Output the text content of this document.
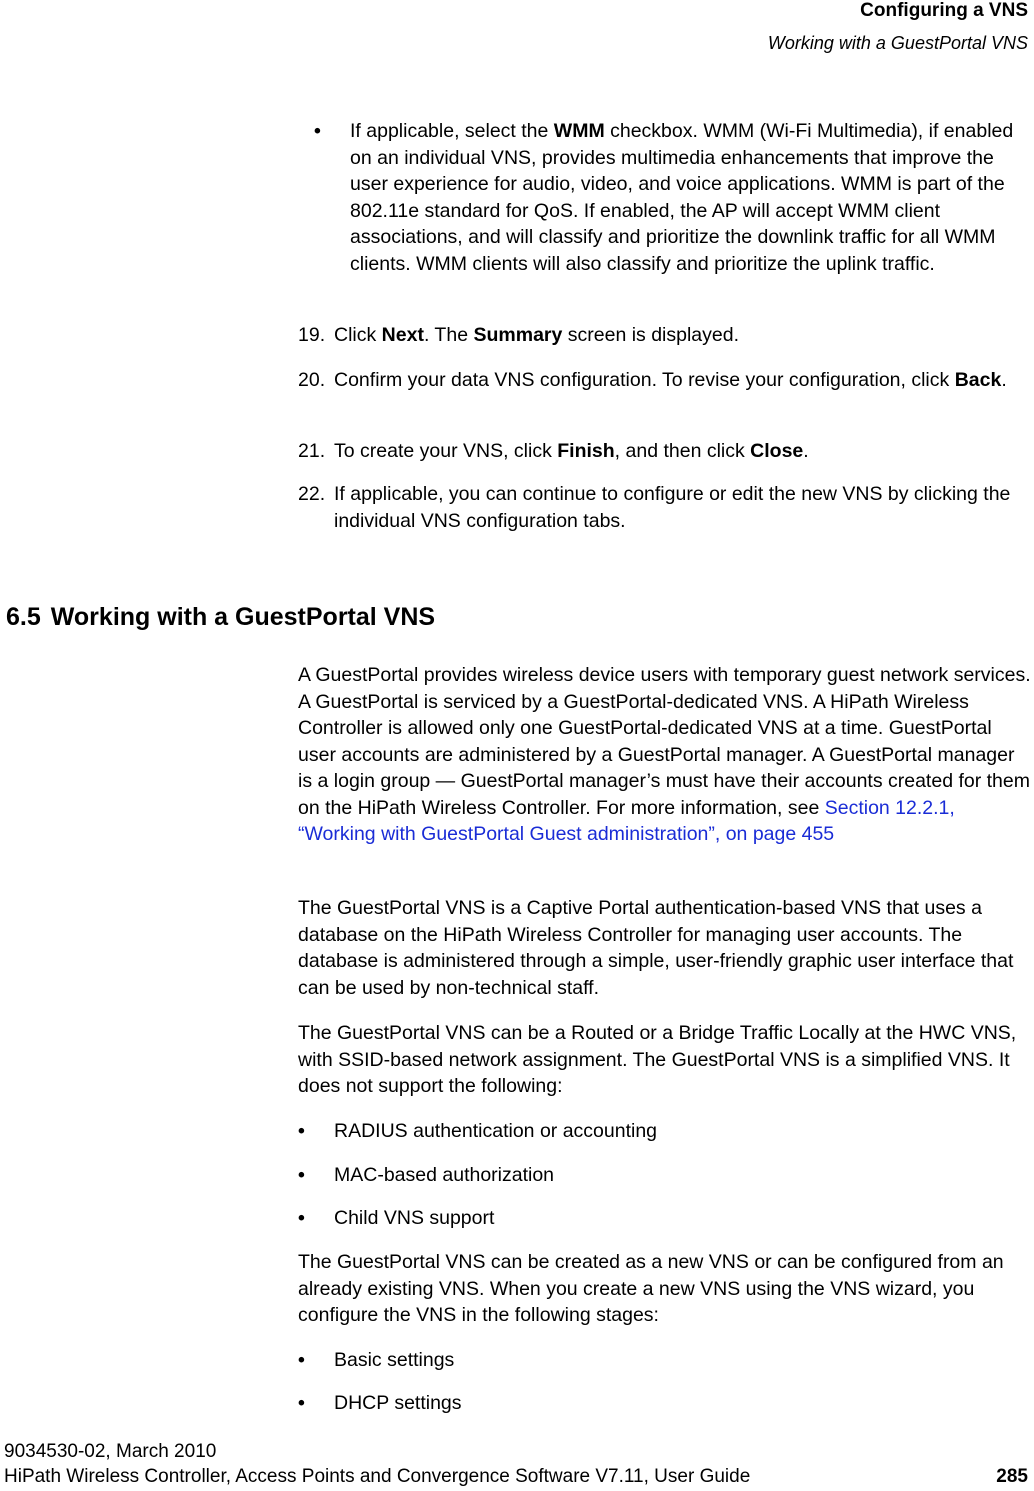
Configuring a VNS
Working with a GuestPortal VNS
•	If applicable, select the WMM checkbox. WMM (Wi-Fi Multimedia), if enabled on an individual VNS, provides multimedia enhancements that improve the user experience for audio, video, and voice applications. WMM is part of the 802.11e standard for QoS. If enabled, the AP will accept WMM client associations, and will classify and prioritize the downlink traffic for all WMM clients. WMM clients will also classify and prioritize the uplink traffic.
19. Click Next. The Summary screen is displayed.
20. Confirm your data VNS configuration. To revise your configuration, click Back.
21. To create your VNS, click Finish, and then click Close.
22. If applicable, you can continue to configure or edit the new VNS by clicking the individual VNS configuration tabs.
6.5 Working with a GuestPortal VNS

A GuestPortal provides wireless device users with temporary guest network services. A GuestPortal is serviced by a GuestPortal-dedicated VNS. A HiPath Wireless Controller is allowed only one GuestPortal-dedicated VNS at a time. GuestPortal user accounts are administered by a GuestPortal manager. A GuestPortal manager is a login group — GuestPortal manager’s must have their accounts created for them on the HiPath Wireless Controller. For more information, see Section 12.2.1, “Working with GuestPortal Guest administration”, on page 455

The GuestPortal VNS is a Captive Portal authentication-based VNS that uses a database on the HiPath Wireless Controller for managing user accounts. The database is administered through a simple, user-friendly graphic user interface that can be used by non-technical staff.

The GuestPortal VNS can be a Routed or a Bridge Traffic Locally at the HWC VNS, with SSID-based network assignment. The GuestPortal VNS is a simplified VNS. It does not support the following:

•	RADIUS authentication or accounting
•	MAC-based authorization
•	Child VNS support

The GuestPortal VNS can be created as a new VNS or can be configured from an already existing VNS. When you create a new VNS using the VNS wizard, you configure the VNS in the following stages:

•	Basic settings
•	DHCP settings
9034530-02, March 2010
HiPath Wireless Controller, Access Points and Convergence Software V7.11, User Guide	285
